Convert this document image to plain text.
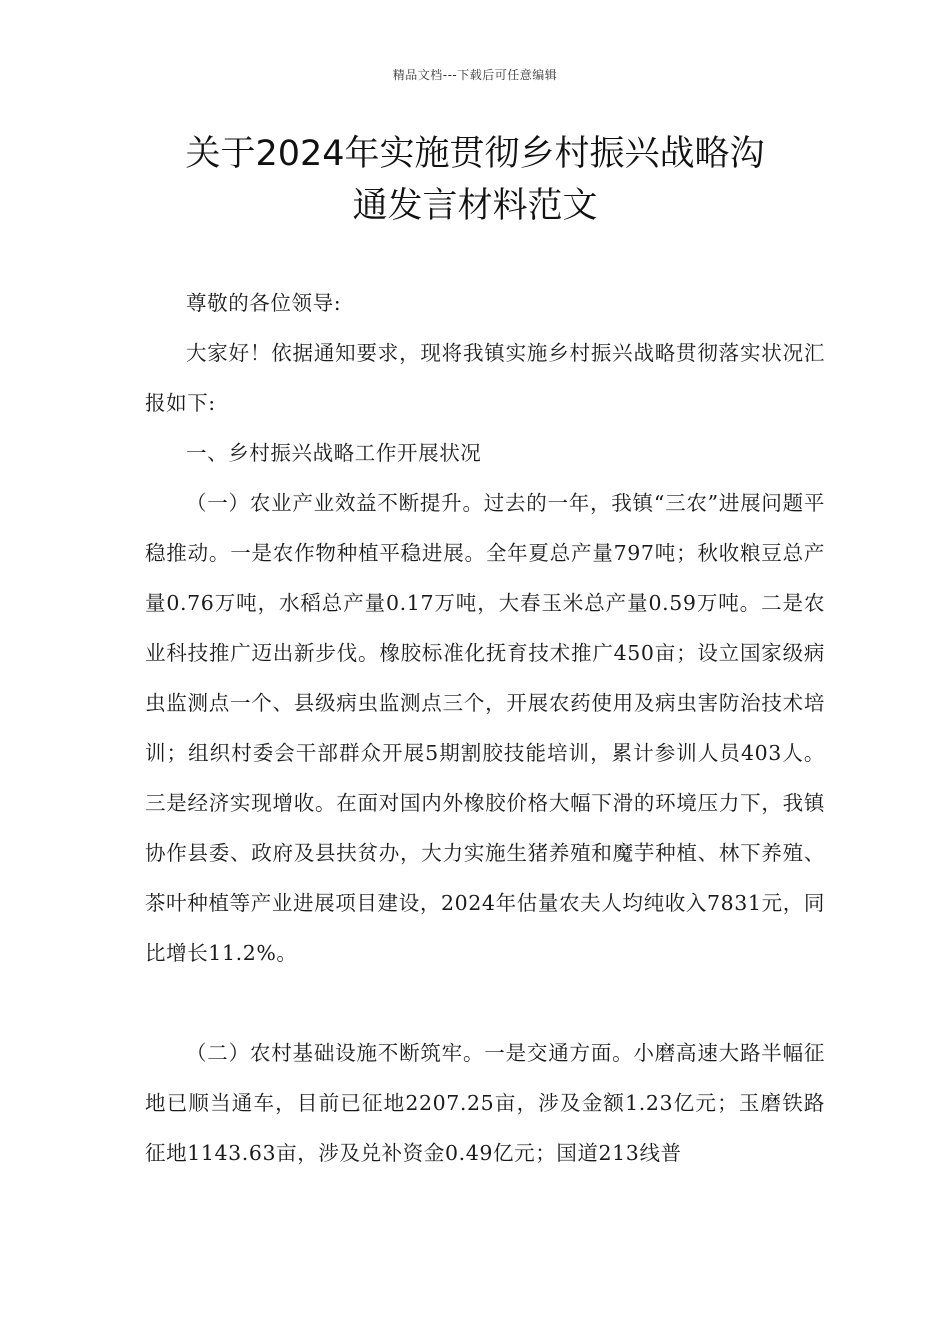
精品文档---下载后可任意编辑
关于2024年实施贯彻乡村振兴战略沟
通发言材料范文

尊敬的各位领导:

大家好！依据通知要求，现将我镇实施乡村振兴战略贯彻落实状况汇报如下:

一、乡村振兴战略工作开展状况

（一）农业产业效益不断提升。过去的一年，我镇“三农”进展问题平稳推动。一是农作物种植平稳进展。全年夏总产量797吨；秋收粮豆总产量0.76万吨，水稻总产量0.17万吨，大春玉米总产量0.59万吨。二是农业科技推广迈出新步伐。橡胶标准化抚育技术推广450亩；设立国家级病虫监测点一个、县级病虫监测点三个，开展农药使用及病虫害防治技术培训；组织村委会干部群众开展5期割胶技能培训，累计参训人员403人。三是经济实现增收。在面对国内外橡胶价格大幅下滑的环境压力下，我镇协作县委、政府及县扶贫办，大力实施生猪养殖和魔芋种植、林下养殖、茶叶种植等产业进展项目建设，2024年估量农夫人均纯收入7831元，同比增长11.2%。

（二）农村基础设施不断筑牢。一是交通方面。小磨高速大路半幅征地已顺当通车，目前已征地2207.25亩，涉及金额1.23亿元；玉磨铁路征地1143.63亩，涉及兑补资金0.49亿元；国道213线普
